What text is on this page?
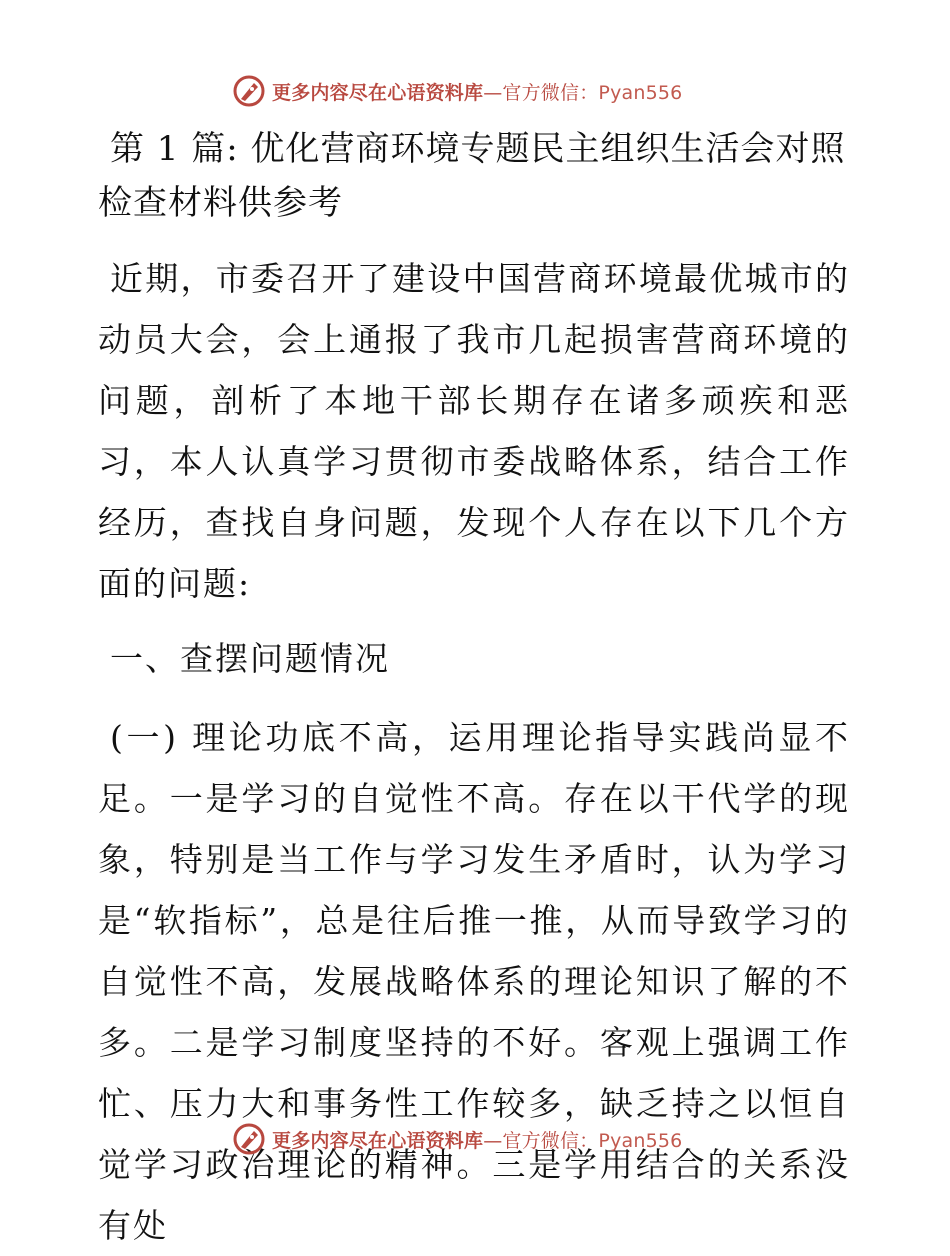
更多内容尽在心语资料库—官方微信：Pyan556
第 1 篇: 优化营商环境专题民主组织生活会对照检查材料供参考

近期，市委召开了建设中国营商环境最优城市的动员大会，会上通报了我市几起损害营商环境的问题，剖析了本地干部长期存在诸多顽疾和恶习，本人认真学习贯彻市委战略体系，结合工作经历，查找自身问题，发现个人存在以下几个方面的问题:

一、查摆问题情况

(一) 理论功底不高，运用理论指导实践尚显不足。一是学习的自觉性不高。存在以干代学的现象，特别是当工作与学习发生矛盾时，认为学习是“软指标”，总是往后推一推，从而导致学习的自觉性不高，发展战略体系的理论知识了解的不多。二是学习制度坚持的不好。客观上强调工作忙、压力大和事务性工作较多，缺乏持之以恒自觉学习政治理论的精神。三是学用结合的关系没有处

更多内容尽在心语资料库—官方微信：Pyan556
